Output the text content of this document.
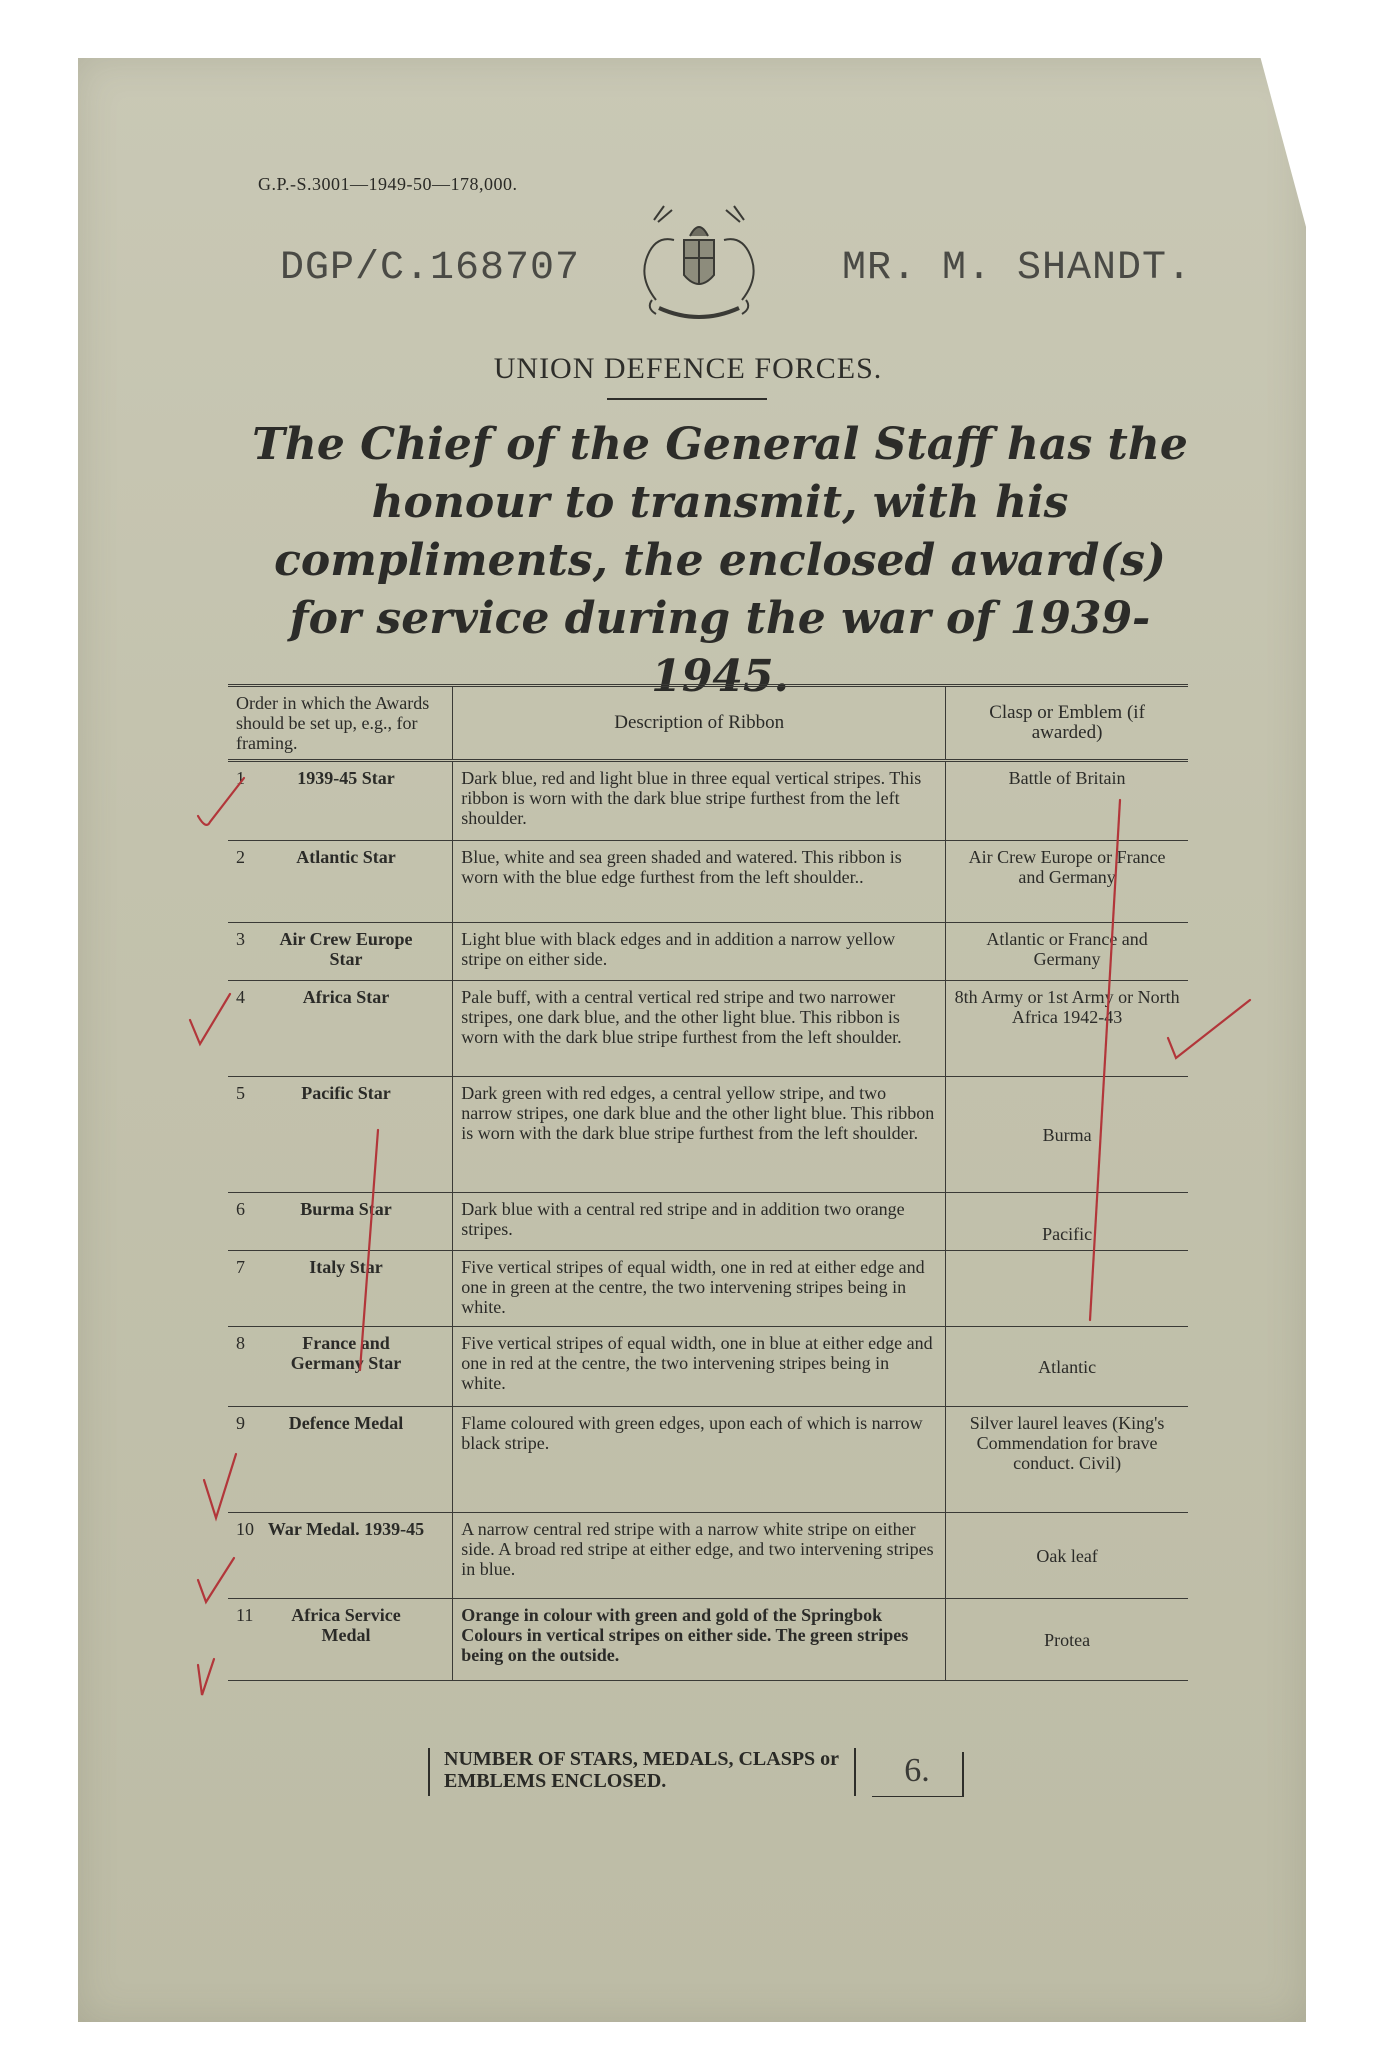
G.P.-S.3001—1949-50—178,000.
DGP/C.168707	MR. M. SHANDT.
UNION DEFENCE FORCES.
The Chief of the General Staff has the honour to transmit, with his compliments, the enclosed award(s) for service during the war of 1939-1945.
Order in which the Awards should be set up, e.g., for framing.	Description of Ribbon	Clasp or Emblem (if awarded)
1 1939-45 Star	Dark blue, red and light blue in three equal vertical stripes. This ribbon is worn with the dark blue stripe furthest from the left shoulder.	Battle of Britain
2 Atlantic Star	Blue, white and sea green shaded and watered. This ribbon is worn with the blue edge furthest from the left shoulder..	Air Crew Europe or France and Germany
3 Air Crew Europe Star	Light blue with black edges and in addition a narrow yellow stripe on either side.	Atlantic or France and Germany
4 Africa Star	Pale buff, with a central vertical red stripe and two narrower stripes, one dark blue, and the other light blue. This ribbon is worn with the dark blue stripe furthest from the left shoulder.	8th Army or 1st Army or North Africa 1942-43
5 Pacific Star	Dark green with red edges, a central yellow stripe, and two narrow stripes, one dark blue and the other light blue. This ribbon is worn with the dark blue stripe furthest from the left shoulder.	Burma
6 Burma Star	Dark blue with a central red stripe and in addition two orange stripes.	Pacific
7 Italy Star	Five vertical stripes of equal width, one in red at either edge and one in green at the centre, the two intervening stripes being in white.	
8 France and Germany Star	Five vertical stripes of equal width, one in blue at either edge and one in red at the centre, the two intervening stripes being in white.	Atlantic
9 Defence Medal	Flame coloured with green edges, upon each of which is narrow black stripe.	Silver laurel leaves (King's Commendation for brave conduct. Civil)
10 War Medal. 1939-45	A narrow central red stripe with a narrow white stripe on either side. A broad red stripe at either edge, and two intervening stripes in blue.	Oak leaf
11 Africa Service Medal	Orange in colour with green and gold of the Springbok Colours in vertical stripes on either side. The green stripes being on the outside.	Protea
NUMBER OF STARS, MEDALS, CLASPS or EMBLEMS ENCLOSED.	6.
